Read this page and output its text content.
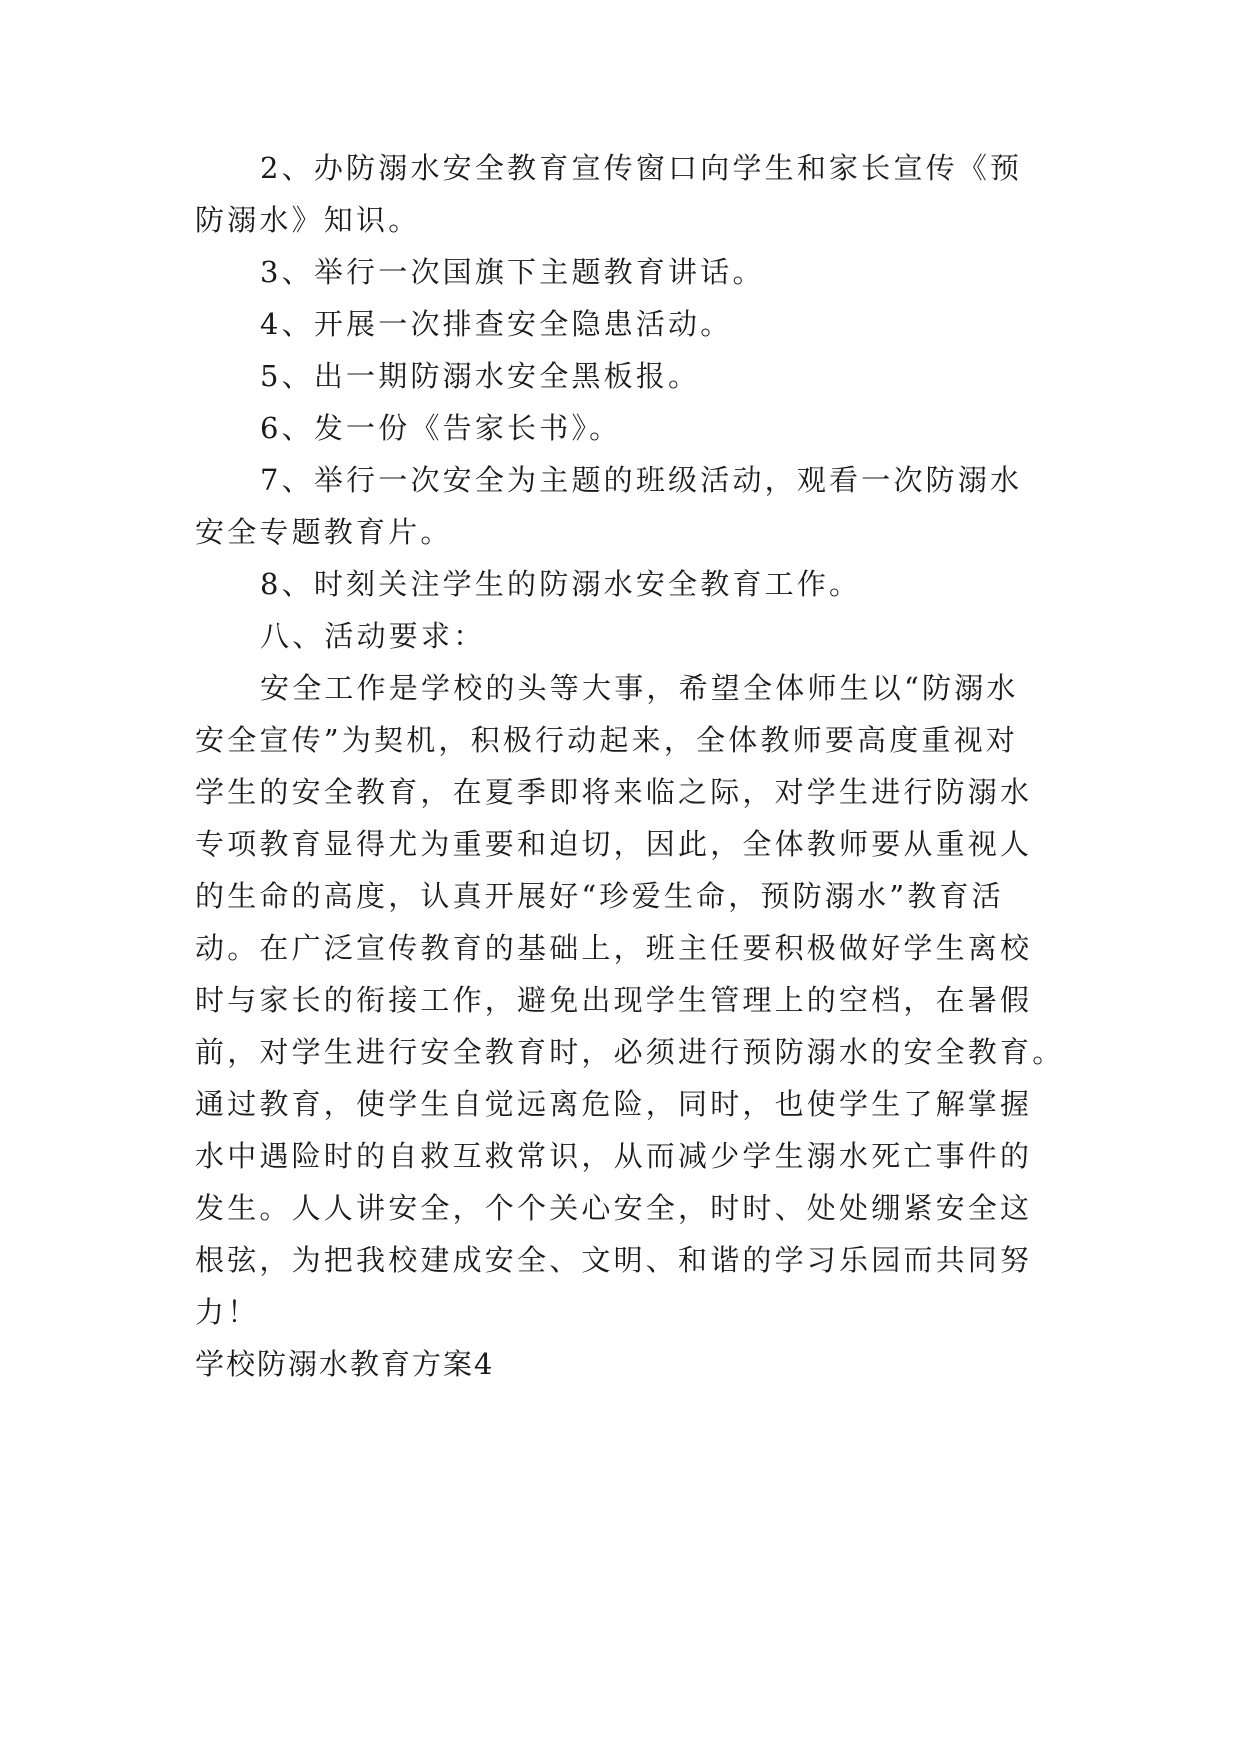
2、办防溺水安全教育宣传窗口向学生和家长宣传《预
防溺水》知识。
3、举行一次国旗下主题教育讲话。
4、开展一次排查安全隐患活动。
5、出一期防溺水安全黑板报。
6、发一份《告家长书》。
7、举行一次安全为主题的班级活动，观看一次防溺水
安全专题教育片。
8、时刻关注学生的防溺水安全教育工作。
八、活动要求：
安全工作是学校的头等大事，希望全体师生以“防溺水
安全宣传”为契机，积极行动起来，全体教师要高度重视对
学生的安全教育，在夏季即将来临之际，对学生进行防溺水
专项教育显得尤为重要和迫切，因此，全体教师要从重视人
的生命的高度，认真开展好“珍爱生命，预防溺水”教育活
动。在广泛宣传教育的基础上，班主任要积极做好学生离校
时与家长的衔接工作，避免出现学生管理上的空档，在暑假
前，对学生进行安全教育时，必须进行预防溺水的安全教育。
通过教育，使学生自觉远离危险，同时，也使学生了解掌握
水中遇险时的自救互救常识，从而减少学生溺水死亡事件的
发生。人人讲安全，个个关心安全，时时、处处绷紧安全这
根弦，为把我校建成安全、文明、和谐的学习乐园而共同努
力！
学校防溺水教育方案4
